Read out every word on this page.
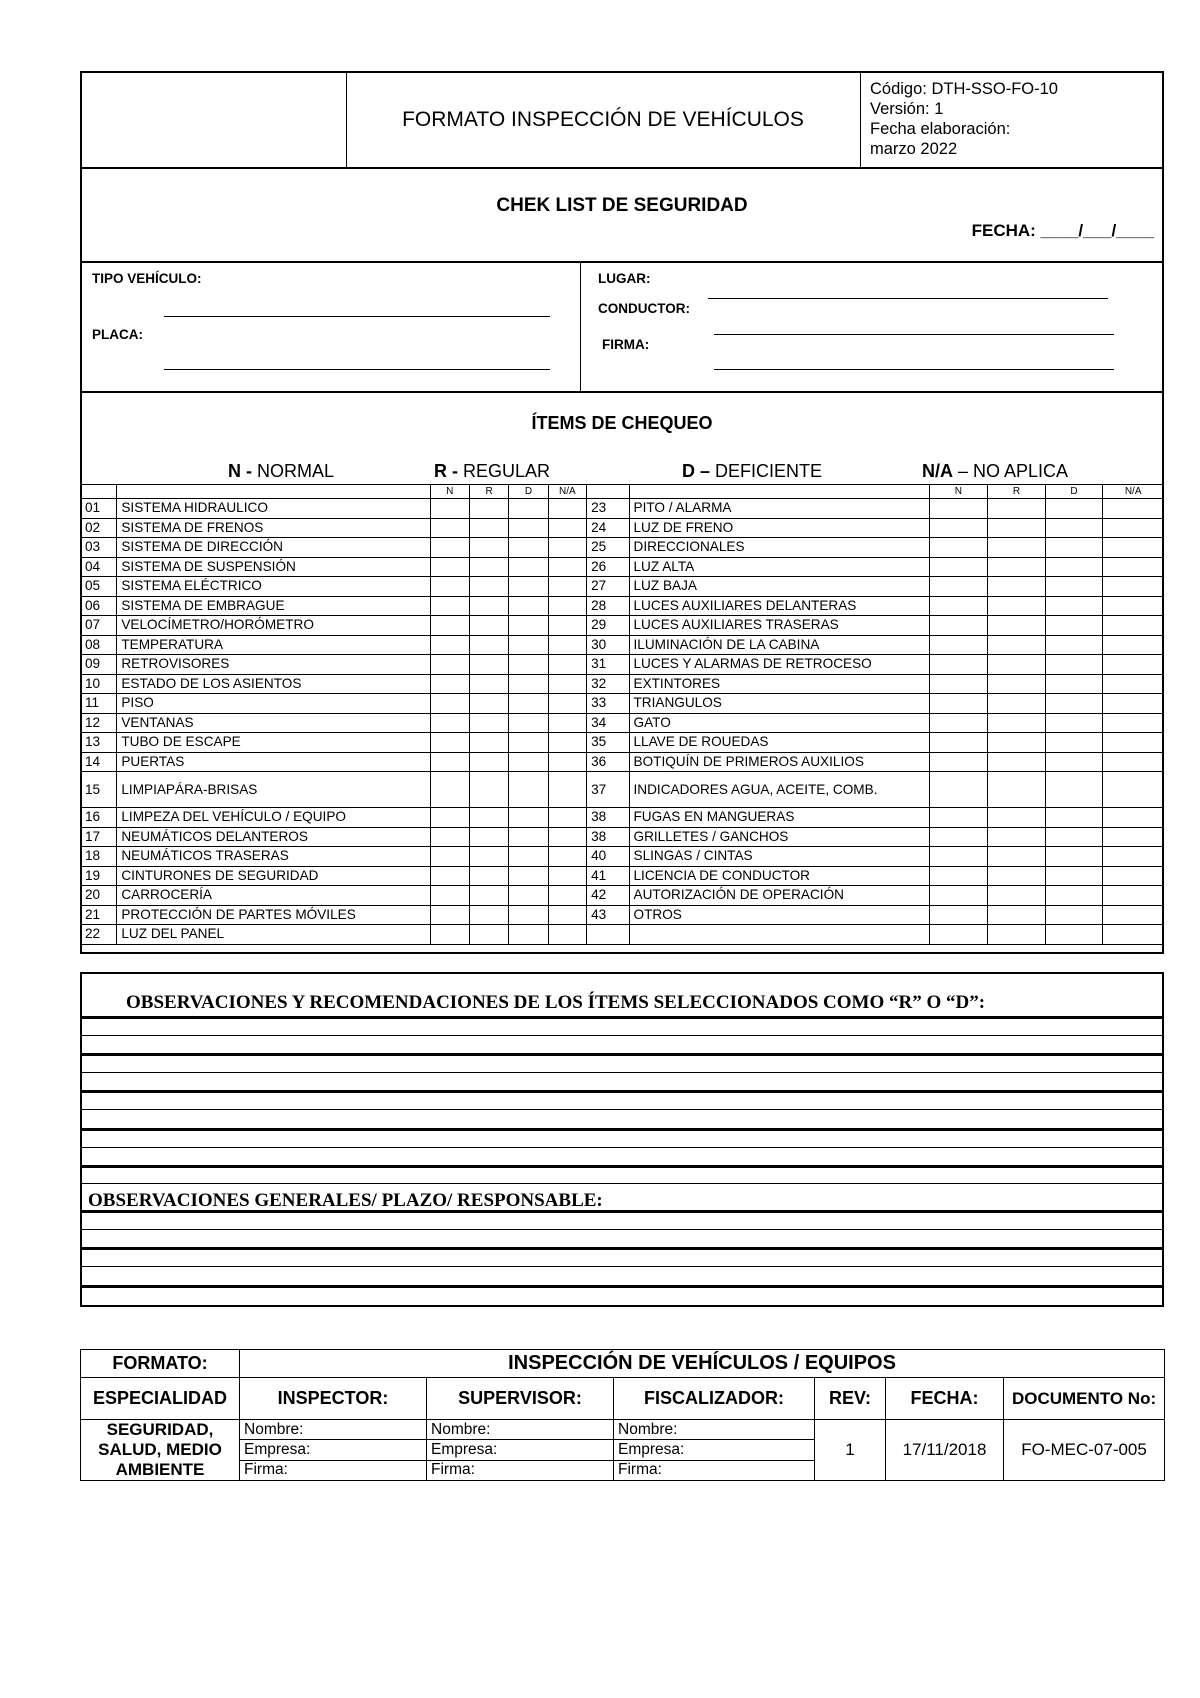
FORMATO INSPECCIÓN DE VEHÍCULOS
Código: DTH-SSO-FO-10
Versión: 1
Fecha elaboración:
marzo 2022
CHEK LIST DE SEGURIDAD
FECHA: ____/___/____
TIPO VEHÍCULO:
PLACA:
LUGAR:
CONDUCTOR:
FIRMA:
ÍTEMS DE CHEQUEO
N - NORMAL	R - REGULAR	D – DEFICIENTE	N/A – NO APLICA
		N	R	D	N/A			N	R	D	N/A
01	SISTEMA HIDRAULICO					23	PITO / ALARMA				
02	SISTEMA DE FRENOS					24	LUZ DE FRENO				
03	SISTEMA DE DIRECCIÓN					25	DIRECCIONALES				
04	SISTEMA DE SUSPENSIÓN					26	LUZ ALTA				
05	SISTEMA ELÉCTRICO					27	LUZ BAJA				
06	SISTEMA DE EMBRAGUE					28	LUCES AUXILIARES DELANTERAS				
07	VELOCÍMETRO/HORÓMETRO					29	LUCES AUXILIARES TRASERAS				
08	TEMPERATURA					30	ILUMINACIÓN DE LA CABINA				
09	RETROVISORES					31	LUCES Y ALARMAS DE RETROCESO				
10	ESTADO DE LOS ASIENTOS					32	EXTINTORES				
11	PISO					33	TRIANGULOS				
12	VENTANAS					34	GATO				
13	TUBO DE ESCAPE					35	LLAVE DE ROUEDAS				
14	PUERTAS					36	BOTIQUÍN DE PRIMEROS AUXILIOS				
15	LIMPIAPÁRA-BRISAS					37	INDICADORES AGUA, ACEITE, COMB.				
16	LIMPEZA DEL VEHÍCULO / EQUIPO					38	FUGAS EN MANGUERAS				
17	NEUMÁTICOS DELANTEROS					38	GRILLETES / GANCHOS				
18	NEUMÁTICOS TRASERAS					40	SLINGAS / CINTAS				
19	CINTURONES DE SEGURIDAD					41	LICENCIA DE CONDUCTOR				
20	CARROCERÍA					42	AUTORIZACIÓN DE OPERACIÓN				
21	PROTECCIÓN DE PARTES MÓVILES					43	OTROS				
22	LUZ DEL PANEL										
OBSERVACIONES Y RECOMENDACIONES DE LOS ÍTEMS SELECCIONADOS COMO “R” O “D”:
OBSERVACIONES GENERALES/ PLAZO/ RESPONSABLE:
FORMATO:	INSPECCIÓN DE VEHÍCULOS / EQUIPOS					
ESPECIALIDAD	INSPECTOR:	SUPERVISOR:	FISCALIZADOR:	REV:	FECHA:	DOCUMENTO No:
SEGURIDAD, SALUD, MEDIO AMBIENTE	Nombre:	Nombre:	Nombre:	1	17/11/2018	FO-MEC-07-005
	Empresa:	Empresa:	Empresa:			
	Firma:	Firma:	Firma:			
